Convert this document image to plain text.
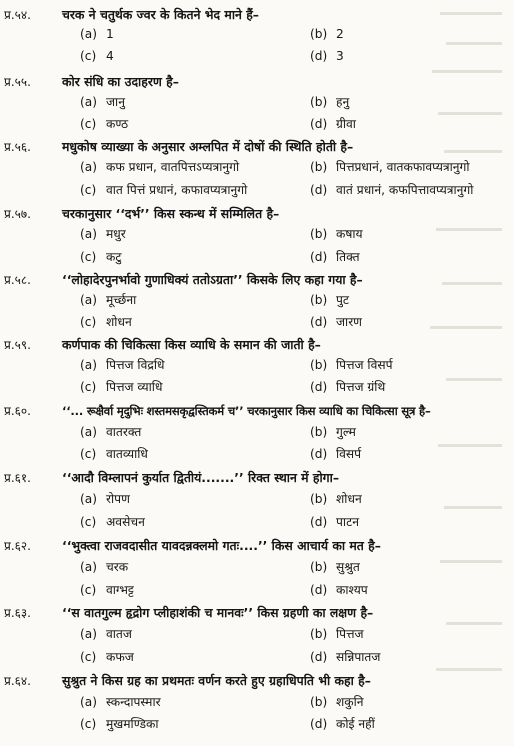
प्र.५४.	चरक ने चतुर्थक ज्वर के कितने भेद माने हैं–
(a) 1	(b) 2
(c) 4	(d) 3
प्र.५५.	कोर संधि का उदाहरण है–
(a) जानु	(b) हनु
(c) कण्ठ	(d) ग्रीवा
प्र.५६.	मधुकोष व्याख्या के अनुसार अम्लपित में दोषों की स्थिति होती है–
(a) कफ प्रधान, वातपित्तऽप्यत्रानुगो	(b) पित्तप्रधानं, वातकफावप्यत्रानुगो
(c) वात पित्तं प्रधानं, कफावप्यत्रानुगो	(d) वातं प्रधानं, कफपित्तावप्यत्रानुगो
प्र.५७.	चरकानुसार ‘‘दर्भ’’ किस स्कन्ध में सम्मिलित है–
(a) मधुर	(b) कषाय
(c) कटु	(d) तिक्त
प्र.५८.	‘‘लोहादेरपुनर्भावो गुणाधिक्यं ततोऽग्रता’’ किसके लिए कहा गया है–
(a) मूर्च्छना	(b) पुट
(c) शोधन	(d) जारण
प्र.५९.	कर्णपाक की चिकित्सा किस व्याधि के समान की जाती है–
(a) पित्तज विद्रधि	(b) पित्तज विसर्प
(c) पित्तज व्याधि	(d) पित्तज ग्रंथि
प्र.६०.	‘‘... रूक्षैर्वा मृदुभिः शस्तमसकृद्वस्तिकर्म च’’ चरकानुसार किस व्याधि का चिकित्सा सूत्र है–
(a) वातरक्त	(b) गुल्म
(c) वातव्याधि	(d) विसर्प
प्र.६१.	‘‘आदौ विम्लापनं कुर्यात द्वितीयं.......’’ रिक्त स्थान में होगा–
(a) रोपण	(b) शोधन
(c) अवसेचन	(d) पाटन
प्र.६२.	‘‘भुक्त्वा राजवदासीत यावदन्नक्लमो गतः....’’ किस आचार्य का मत है–
(a) चरक	(b) सुश्रुत
(c) वाग्भट्ट	(d) काश्यप
प्र.६३.	‘‘स वातगुल्म हृद्रोग प्लीहाशंकी च मानवः’’ किस ग्रहणी का लक्षण है–
(a) वातज	(b) पित्तज
(c) कफज	(d) सन्निपातज
प्र.६४.	सुश्रुत ने किस ग्रह का प्रथमतः वर्णन करते हुए ग्रहाधिपति भी कहा है–
(a) स्कन्दापस्मार	(b) शकुनि
(c) मुखमण्डिका	(d) कोई नहीं
